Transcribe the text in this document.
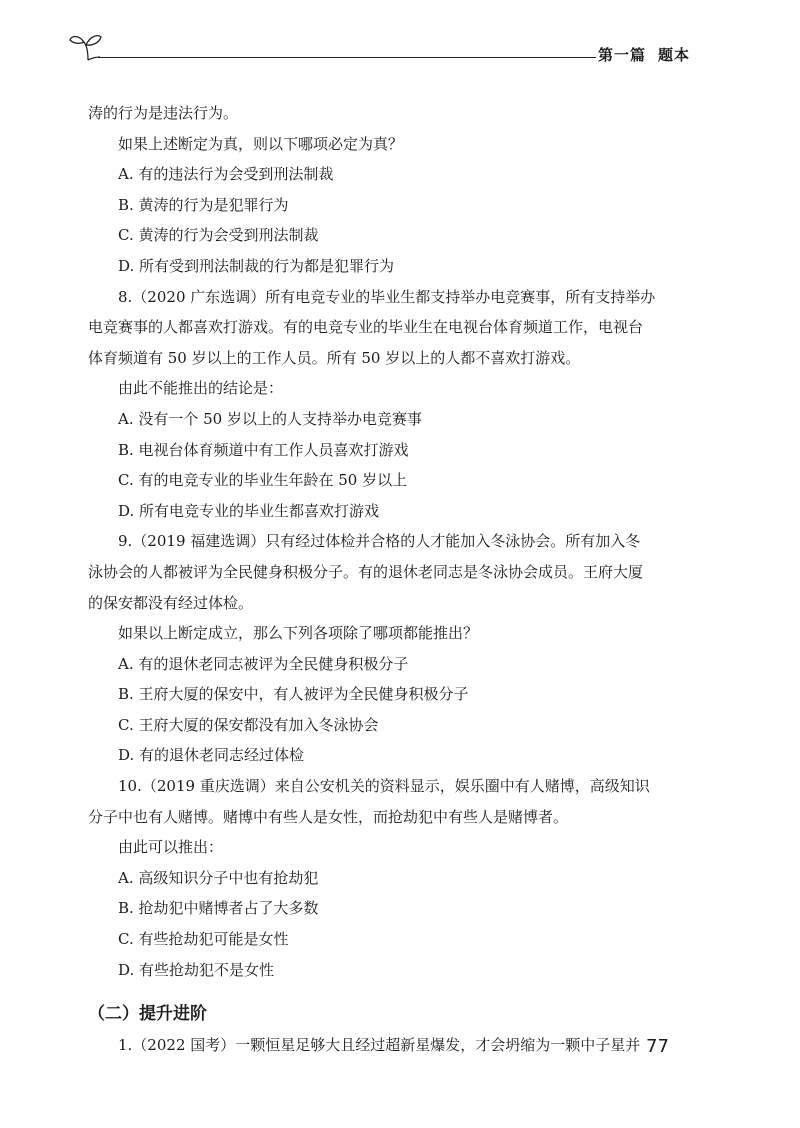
第一篇 题本
涛的行为是违法行为。
如果上述断定为真，则以下哪项必定为真？
A. 有的违法行为会受到刑法制裁
B. 黄涛的行为是犯罪行为
C. 黄涛的行为会受到刑法制裁
D. 所有受到刑法制裁的行为都是犯罪行为
8.（2020 广东选调）所有电竞专业的毕业生都支持举办电竞赛事，所有支持举办
电竞赛事的人都喜欢打游戏。有的电竞专业的毕业生在电视台体育频道工作，电视台
体育频道有 50 岁以上的工作人员。所有 50 岁以上的人都不喜欢打游戏。
由此不能推出的结论是：
A. 没有一个 50 岁以上的人支持举办电竞赛事
B. 电视台体育频道中有工作人员喜欢打游戏
C. 有的电竞专业的毕业生年龄在 50 岁以上
D. 所有电竞专业的毕业生都喜欢打游戏
9.（2019 福建选调）只有经过体检并合格的人才能加入冬泳协会。所有加入冬
泳协会的人都被评为全民健身积极分子。有的退休老同志是冬泳协会成员。王府大厦
的保安都没有经过体检。
如果以上断定成立，那么下列各项除了哪项都能推出？
A. 有的退休老同志被评为全民健身积极分子
B. 王府大厦的保安中，有人被评为全民健身积极分子
C. 王府大厦的保安都没有加入冬泳协会
D. 有的退休老同志经过体检
10.（2019 重庆选调）来自公安机关的资料显示，娱乐圈中有人赌博，高级知识
分子中也有人赌博。赌博中有些人是女性，而抢劫犯中有些人是赌博者。
由此可以推出：
A. 高级知识分子中也有抢劫犯
B. 抢劫犯中赌博者占了大多数
C. 有些抢劫犯可能是女性
D. 有些抢劫犯不是女性
（二）提升进阶
1.（2022 国考）一颗恒星足够大且经过超新星爆发，才会坍缩为一颗中子星并 77
